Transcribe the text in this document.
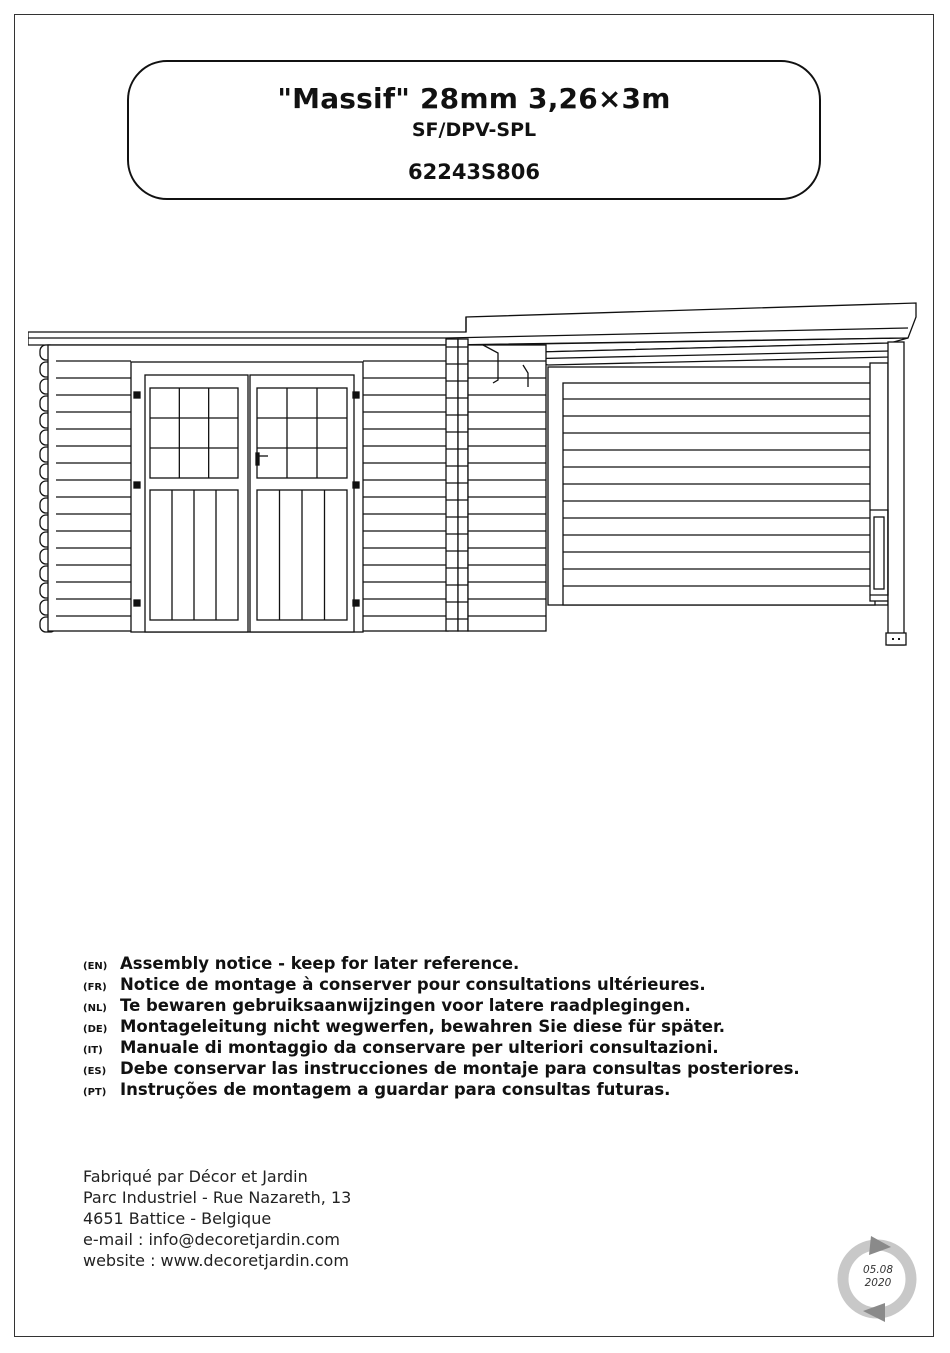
"Massif" 28mm 3,26×3m
SF/DPV-SPL
62243S806
(EN) Assembly notice - keep for later reference.
(FR) Notice de montage à conserver pour consultations ultérieures.
(NL) Te bewaren gebruiksaanwijzingen voor latere raadplegingen.
(DE) Montageleitung nicht wegwerfen, bewahren Sie diese für später.
(IT)	Manuale di montaggio da conservare per ulteriori consultazioni.
(ES) Debe conservar las instrucciones de montaje para consultas posteriores.
(PT) Instruções de montagem a guardar para consultas futuras.
Fabriqué par Décor et Jardin
Parc Industriel - Rue Nazareth, 13
4651 Battice - Belgique
e-mail : info@decoretjardin.com
website : www.decoretjardin.com	05.08
2020
